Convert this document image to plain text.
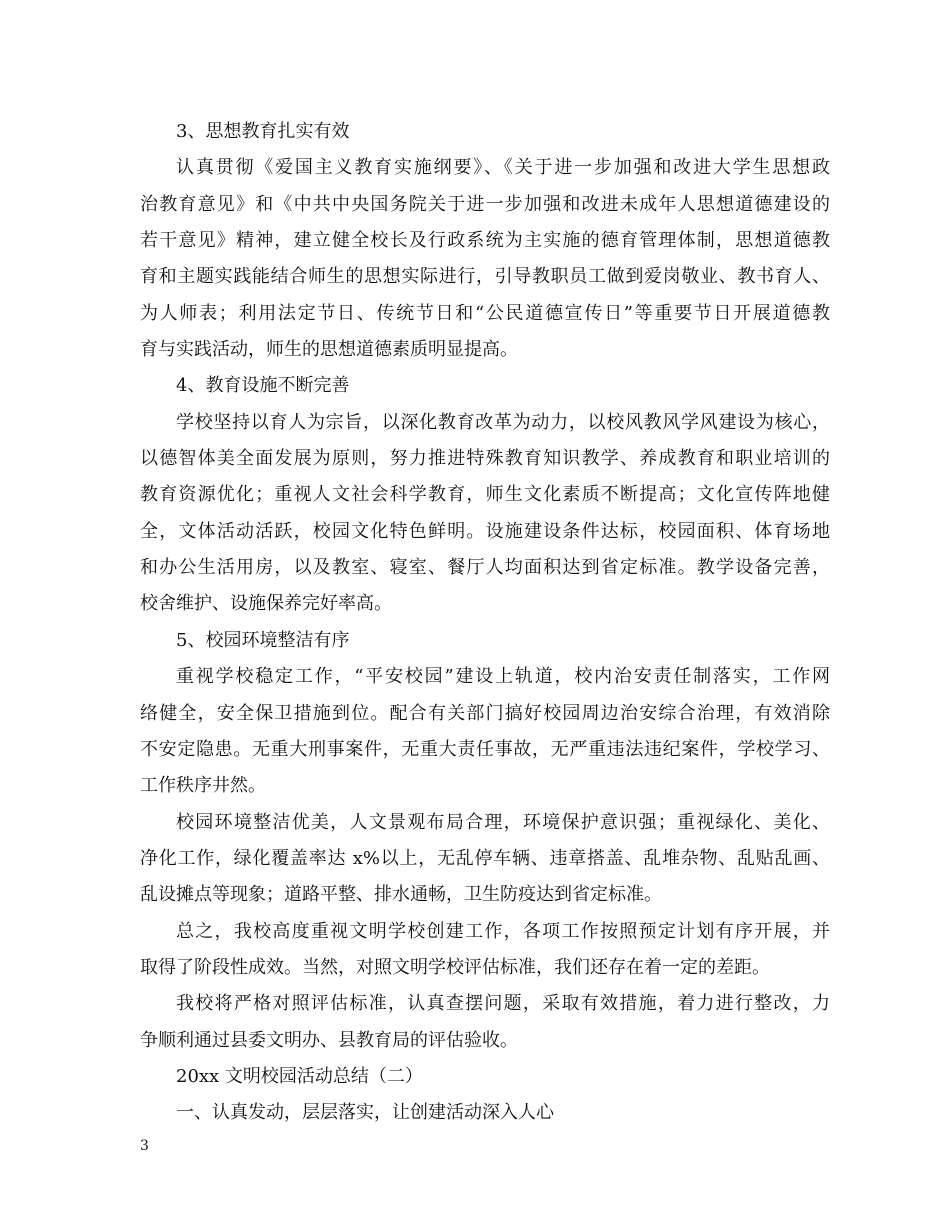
3、思想教育扎实有效
认真贯彻《爱国主义教育实施纲要》、《关于进一步加强和改进大学生思想政
治教育意见》和《中共中央国务院关于进一步加强和改进未成年人思想道德建设的
若干意见》精神，建立健全校长及行政系统为主实施的德育管理体制，思想道德教
育和主题实践能结合师生的思想实际进行，引导教职员工做到爱岗敬业、教书育人、
为人师表；利用法定节日、传统节日和“公民道德宣传日”等重要节日开展道德教
育与实践活动，师生的思想道德素质明显提高。
4、教育设施不断完善
学校坚持以育人为宗旨，以深化教育改革为动力，以校风教风学风建设为核心，
以德智体美全面发展为原则，努力推进特殊教育知识教学、养成教育和职业培训的
教育资源优化；重视人文社会科学教育，师生文化素质不断提高；文化宣传阵地健
全，文体活动活跃，校园文化特色鲜明。设施建设条件达标，校园面积、体育场地
和办公生活用房，以及教室、寝室、餐厅人均面积达到省定标准。教学设备完善，
校舍维护、设施保养完好率高。
5、校园环境整洁有序
重视学校稳定工作，“平安校园”建设上轨道，校内治安责任制落实，工作网
络健全，安全保卫措施到位。配合有关部门搞好校园周边治安综合治理，有效消除
不安定隐患。无重大刑事案件，无重大责任事故，无严重违法违纪案件，学校学习、
工作秩序井然。
校园环境整洁优美，人文景观布局合理，环境保护意识强；重视绿化、美化、
净化工作，绿化覆盖率达 x%以上，无乱停车辆、违章搭盖、乱堆杂物、乱贴乱画、
乱设摊点等现象；道路平整、排水通畅，卫生防疫达到省定标准。
总之，我校高度重视文明学校创建工作，各项工作按照预定计划有序开展，并
取得了阶段性成效。当然，对照文明学校评估标准，我们还存在着一定的差距。
我校将严格对照评估标准，认真查摆问题，采取有效措施，着力进行整改，力
争顺利通过县委文明办、县教育局的评估验收。
20xx 文明校园活动总结（二）
一、认真发动，层层落实，让创建活动深入人心
3
